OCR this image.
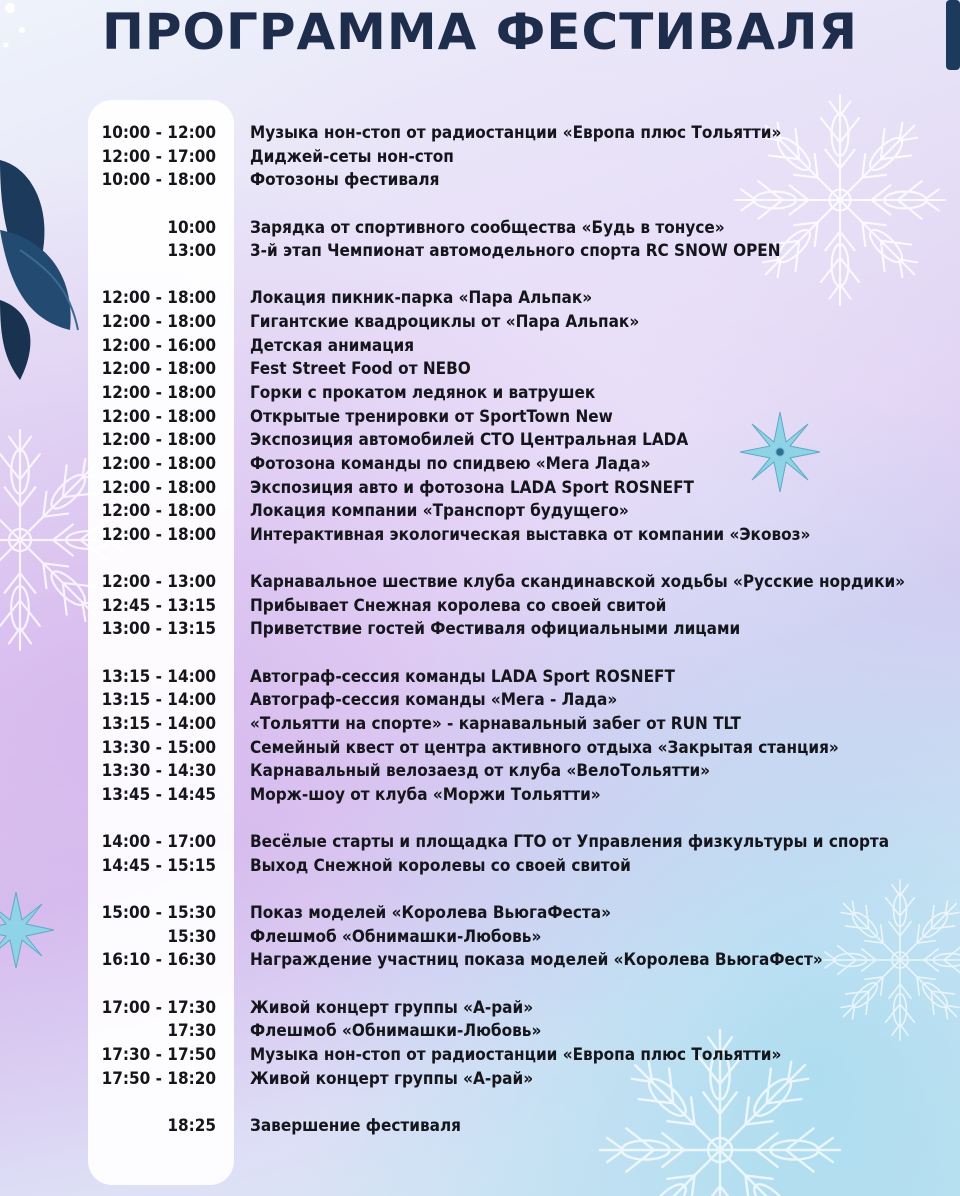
ПРОГРАММА ФЕСТИВАЛЯ
10:00 - 12:00 Музыка нон-стоп от радиостанции «Европа плюс Тольятти»
12:00 - 17:00 Диджей-сеты нон-стоп
10:00 - 18:00 Фотозоны фестиваля
10:00 Зарядка от спортивного сообщества «Будь в тонусе»
13:00 3-й этап Чемпионат автомодельного спорта RC SNOW OPEN
12:00 - 18:00 Локация пикник-парка «Пара Альпак»
12:00 - 18:00 Гигантские квадроциклы от «Пара Альпак»
12:00 - 16:00 Детская анимация
12:00 - 18:00 Fest Street Food от NEBO
12:00 - 18:00 Горки с прокатом ледянок и ватрушек
12:00 - 18:00 Открытые тренировки от SportTown New
12:00 - 18:00 Экспозиция автомобилей СТО Центральная LADA
12:00 - 18:00 Фотозона команды по спидвею «Мега Лада»
12:00 - 18:00 Экспозиция авто и фотозона LADA Sport ROSNEFT
12:00 - 18:00 Локация компании «Транспорт будущего»
12:00 - 18:00 Интерактивная экологическая выставка от компании «Эковоз»
12:00 - 13:00 Карнавальное шествие клуба скандинавской ходьбы «Русские нордики»
12:45 - 13:15 Прибывает Снежная королева со своей свитой
13:00 - 13:15 Приветствие гостей Фестиваля официальными лицами
13:15 - 14:00 Автограф-сессия команды LADA Sport ROSNEFT
13:15 - 14:00 Автограф-сессия команды «Мега - Лада»
13:15 - 14:00 «Тольятти на спорте» - карнавальный забег от RUN TLT
13:30 - 15:00 Семейный квест от центра активного отдыха «Закрытая станция»
13:30 - 14:30 Карнавальный велозаезд от клуба «ВелоТольятти»
13:45 - 14:45 Морж-шоу от клуба «Моржи Тольятти»
14:00 - 17:00 Весёлые старты и площадка ГТО от Управления физкультуры и спорта
14:45 - 15:15 Выход Снежной королевы со своей свитой
15:00 - 15:30 Показ моделей «Королева ВьюгаФеста»
15:30 Флешмоб «Обнимашки-Любовь»
16:10 - 16:30 Награждение участниц показа моделей «Королева ВьюгаФест»
17:00 - 17:30 Живой концерт группы «А-рай»
17:30 Флешмоб «Обнимашки-Любовь»
17:30 - 17:50 Музыка нон-стоп от радиостанции «Европа плюс Тольятти»
17:50 - 18:20 Живой концерт группы «А-рай»
18:25 Завершение фестиваля
